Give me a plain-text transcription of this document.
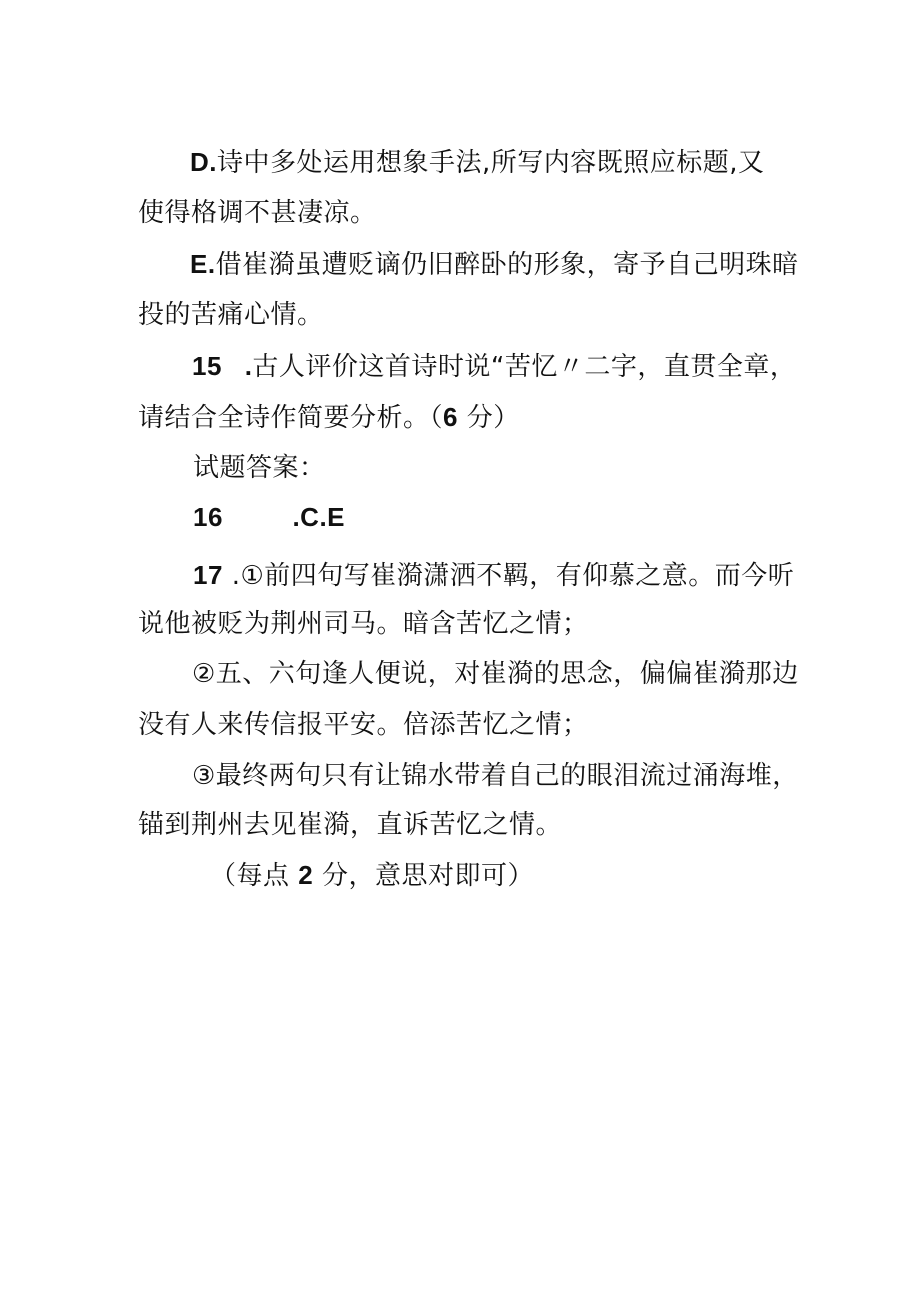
D.诗中多处运用想象手法,所写内容既照应标题,又
使得格调不甚凄凉。
E.借崔漪虽遭贬谪仍旧醉卧的形象，寄予自己明珠暗
投的苦痛心情。
15 .古人评价这首诗时说“苦忆〃二字，直贯全章，
请结合全诗作简要分析。（6 分）
试题答案：
16	.C.E
17 .①前四句写崔漪潇洒不羁，有仰慕之意。而今听
说他被贬为荆州司马。暗含苦忆之情；
②五、六句逢人便说，对崔漪的思念，偏偏崔漪那边
没有人来传信报平安。倍添苦忆之情；
③最终两句只有让锦水带着自己的眼泪流过涌海堆，
锚到荆州去见崔漪，直诉苦忆之情。
（每点 2 分，意思对即可）
